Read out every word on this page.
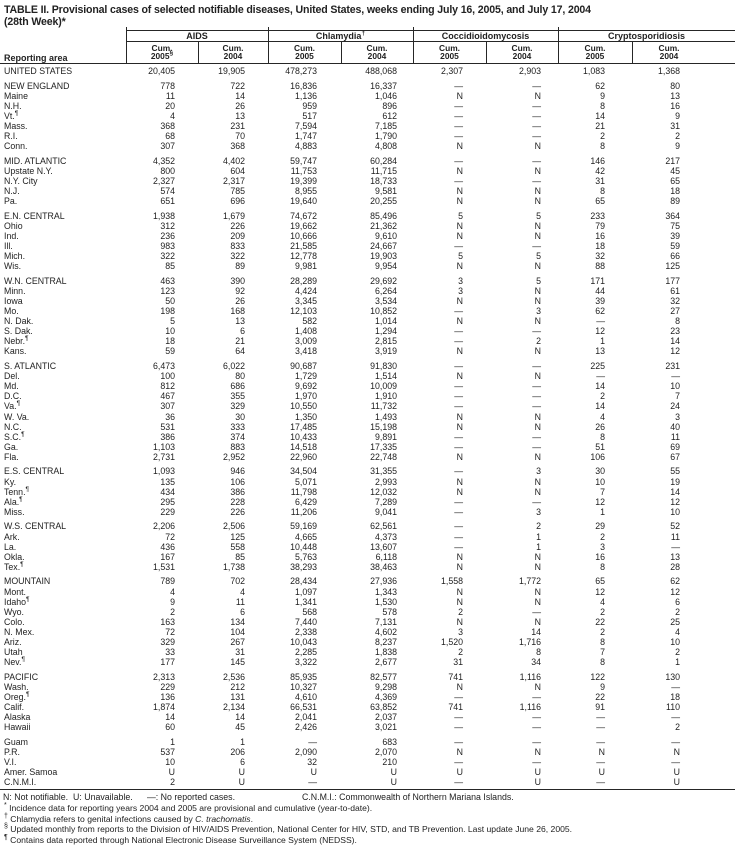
TABLE II. Provisional cases of selected notifiable diseases, United States, weeks ending July 16, 2005, and July 17, 2004
(28th Week)*
AIDS	Chlamydia†	Coccidioidomycosis	Cryptosporidiosis
Cum.
2005§
Cum.
2004
Cum.
2005
Cum.
2004
Cum.
2005
Cum.
2004
Cum.
2005
Cum.
2004
Reporting area
UNITED STATES	20,405	19,905	478,273	488,068	2,307	2,903	1,083	1,368
NEW ENGLAND	778	722	16,836	16,337	—	—	62	80
Maine	11	14	1,136	1,046	N	N	9	13
N.H.	20	26	959	896	—	—	8	16
Vt.¶	4	13	517	612	—	—	14	9
Mass.	368	231	7,594	7,185	—	—	21	31
R.I.	68	70	1,747	1,790	—	—	2	2
Conn.	307	368	4,883	4,808	N	N	8	9
MID. ATLANTIC	4,352	4,402	59,747	60,284	—	—	146	217
Upstate N.Y.	800	604	11,753	11,715	N	N	42	45
N.Y. City	2,327	2,317	19,399	18,733	—	—	31	65
N.J.	574	785	8,955	9,581	N	N	8	18
Pa.	651	696	19,640	20,255	N	N	65	89
E.N. CENTRAL	1,938	1,679	74,672	85,496	5	5	233	364
Ohio	312	226	19,662	21,362	N	N	79	75
Ind.	236	209	10,666	9,610	N	N	16	39
Ill.	983	833	21,585	24,667	—	—	18	59
Mich.	322	322	12,778	19,903	5	5	32	66
Wis.	85	89	9,981	9,954	N	N	88	125
W.N. CENTRAL	463	390	28,289	29,692	3	5	171	177
Minn.	123	92	4,424	6,264	3	N	44	61
Iowa	50	26	3,345	3,534	N	N	39	32
Mo.	198	168	12,103	10,852	—	3	62	27
N. Dak.	5	13	582	1,014	N	N	—	8
S. Dak.	10	6	1,408	1,294	—	—	12	23
Nebr.¶	18	21	3,009	2,815	—	2	1	14
Kans.	59	64	3,418	3,919	N	N	13	12
S. ATLANTIC	6,473	6,022	90,687	91,830	—	—	225	231
Del.	100	80	1,729	1,514	N	N	—	—
Md.	812	686	9,692	10,009	—	—	14	10
D.C.	467	355	1,970	1,910	—	—	2	7
Va.¶	307	329	10,550	11,732	—	—	14	24
W. Va.	36	30	1,350	1,493	N	N	4	3
N.C.	531	333	17,485	15,198	N	N	26	40
S.C.¶	386	374	10,433	9,891	—	—	8	11
Ga.	1,103	883	14,518	17,335	—	—	51	69
Fla.	2,731	2,952	22,960	22,748	N	N	106	67
E.S. CENTRAL	1,093	946	34,504	31,355	—	3	30	55
Ky.	135	106	5,071	2,993	N	N	10	19
Tenn.¶	434	386	11,798	12,032	N	N	7	14
Ala.¶	295	228	6,429	7,289	—	—	12	12
Miss.	229	226	11,206	9,041	—	3	1	10
W.S. CENTRAL	2,206	2,506	59,169	62,561	—	2	29	52
Ark.	72	125	4,665	4,373	—	1	2	11
La.	436	558	10,448	13,607	—	1	3	—
Okla.	167	85	5,763	6,118	N	N	16	13
Tex.¶	1,531	1,738	38,293	38,463	N	N	8	28
MOUNTAIN	789	702	28,434	27,936	1,558	1,772	65	62
Mont.	4	4	1,097	1,343	N	N	12	12
Idaho¶	9	11	1,341	1,530	N	N	4	6
Wyo.	2	6	568	578	2	—	2	2
Colo.	163	134	7,440	7,131	N	N	22	25
N. Mex.	72	104	2,338	4,602	3	14	2	4
Ariz.	329	267	10,043	8,237	1,520	1,716	8	10
Utah	33	31	2,285	1,838	2	8	7	2
Nev.¶	177	145	3,322	2,677	31	34	8	1
PACIFIC	2,313	2,536	85,935	82,577	741	1,116	122	130
Wash.	229	212	10,327	9,298	N	N	9	—
Oreg.¶	136	131	4,610	4,369	—	—	22	18
Calif.	1,874	2,134	66,531	63,852	741	1,116	91	110
Alaska	14	14	2,041	2,037	—	—	—	—
Hawaii	60	45	2,426	3,021	—	—	—	2
Guam	1	1	—	683	—	—	—	—
P.R.	537	206	2,090	2,070	N	N	N	N
V.I.	10	6	32	210	—	—	—	—
Amer. Samoa	U	U	U	U	U	U	U	U
C.N.M.I.	2	U	—	U	—	U	—	U
N: Not notifiable. U: Unavailable. —: No reported cases.	C.N.M.I.: Commonwealth of Northern Mariana Islands.
* Incidence data for reporting years 2004 and 2005 are provisional and cumulative (year-to-date).
† Chlamydia refers to genital infections caused by C. trachomatis.
§ Updated monthly from reports to the Division of HIV/AIDS Prevention, National Center for HIV, STD, and TB Prevention. Last update June 26, 2005.
¶ Contains data reported through National Electronic Disease Surveillance System (NEDSS).
